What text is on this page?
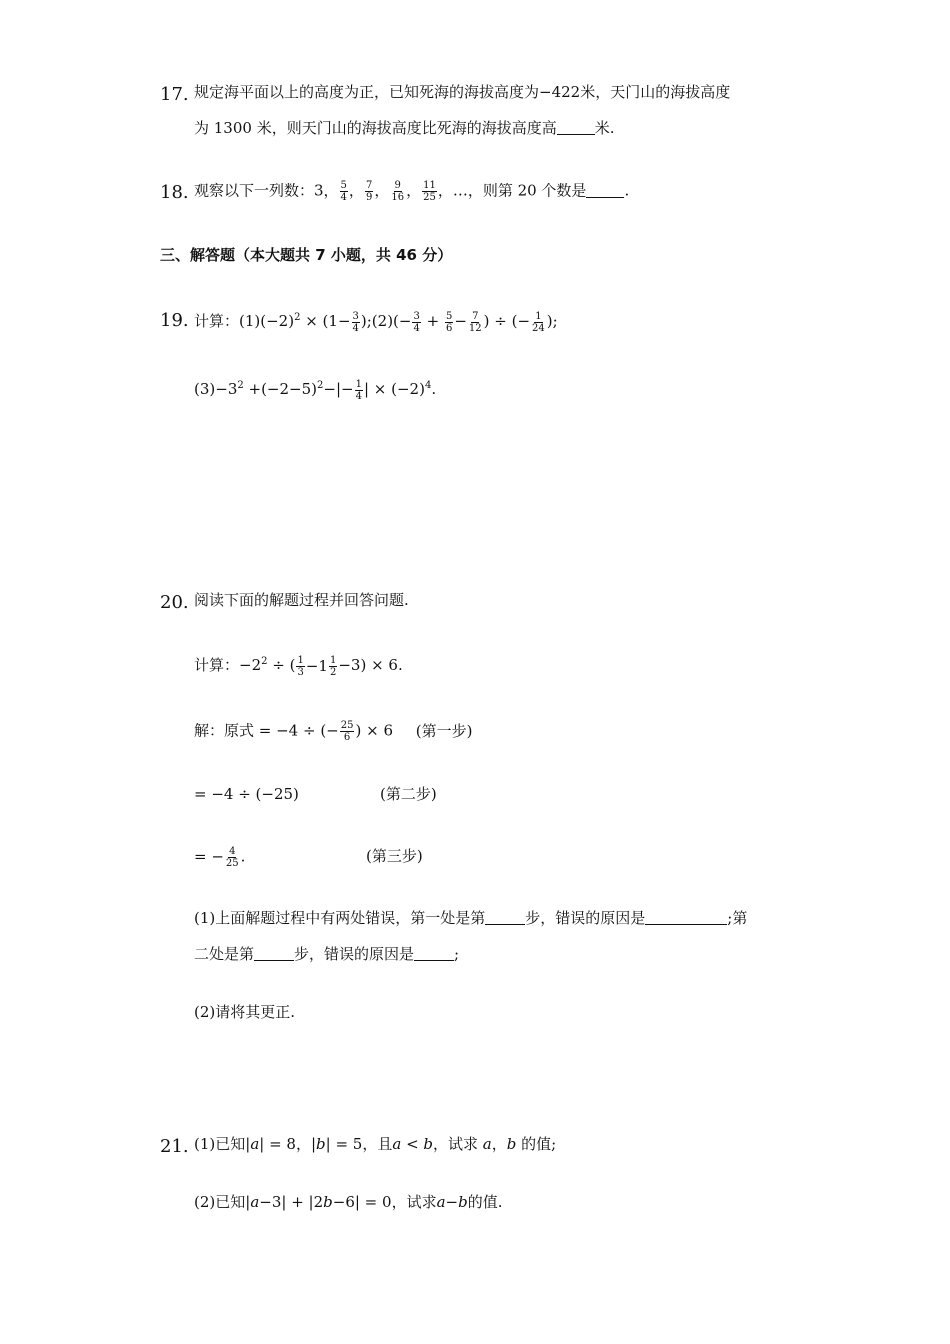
17. 规定海平面以上的高度为正，已知死海的海拔高度为−422米，天门山的海拔高度
为 1300 米，则天门山的海拔高度比死海的海拔高度高	米.
18. 观察以下一列数：3， $\frac{5}{4}$ ， $\frac{7}{9}$ ， $\frac{9}{16}$ ， $\frac{11}{25}$ ，…，则第 20 个数是	.
三、解答题（本大题共 7 小题，共 46 分）
19. 计算：$(1)(-2)^2 \times (1- \frac{3}{4}$ );(2)(− $\frac{3}{4} + \frac{5}{6} - \frac{7}{12}$ ) ÷ (− $\frac{1}{24}$ );
$(3)-3^2 +(-2-5)^2-|- \frac{1}{4}$ | × $(-2)^4$.
20. 阅读下面的解题过程并回答问题.
计算：$-2^2$ ÷ ( $\frac{1}{3} -1 \frac{1}{2} -3) \times 6$.
解：原式 = −4 ÷ (− $\frac{25}{6}$ ) × 6 (第一步)
= −4 ÷ (−25)	(第二步)
= − $\frac{4}{25}$ .	(第三步)
(1)上面解题过程中有两处错误，第一处是第	步，错误的原因是	;第
二处是第	步，错误的原因是	;
(2)请将其更正.
21. (1)已知|a| = 8，|b| = 5，且a < b，试求 a，b 的值;
(2)已知|a−3| + |2b−6| = 0，试求a−b的值.
